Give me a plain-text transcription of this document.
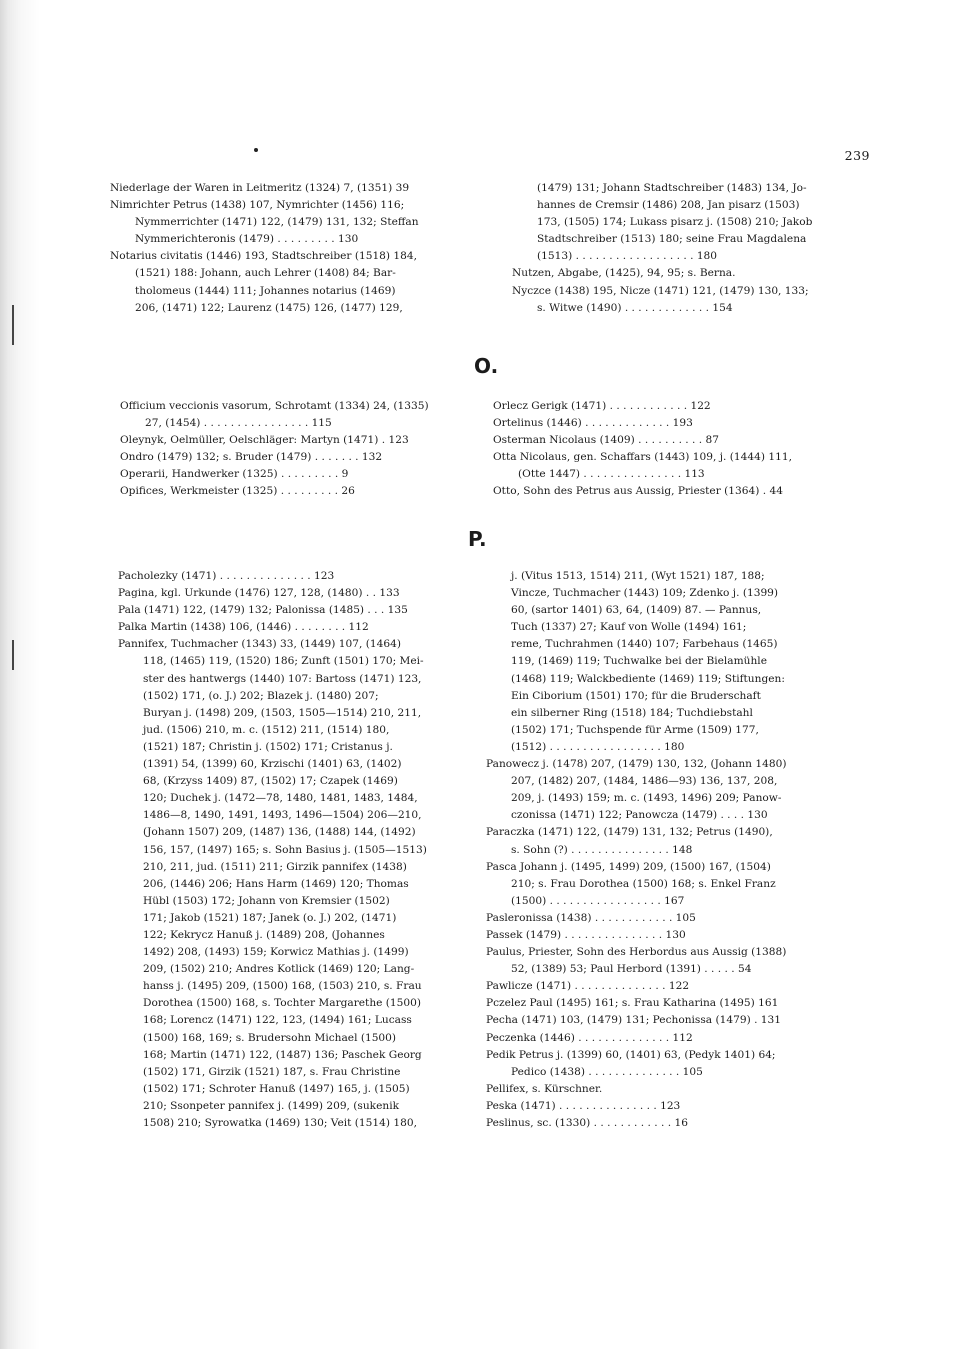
239
Niederlage der Waren in Leitmeritz (1324) 7, (1351) 39
Nimrichter Petrus (1438) 107, Nymrichter (1456) 116;
Nymmerrichter (1471) 122, (1479) 131, 132; Steffan
Nymmerichteronis (1479) . . . . . . . . . 130
Notarius civitatis (1446) 193, Stadtschreiber (1518) 184,
(1521) 188: Johann, auch Lehrer (1408) 84; Bar-
tholomeus (1444) 111; Johannes notarius (1469)
206, (1471) 122; Laurenz (1475) 126, (1477) 129,
(1479) 131; Johann Stadtschreiber (1483) 134, Jo-
hannes de Cremsir (1486) 208, Jan pisarz (1503)
173, (1505) 174; Lukass pisarz j. (1508) 210; Jakob
Stadtschreiber (1513) 180; seine Frau Magdalena
(1513) . . . . . . . . . . . . . . . . . . 180
Nutzen, Abgabe, (1425), 94, 95; s. Berna.
Nyczce (1438) 195, Nicze (1471) 121, (1479) 130, 133;
s. Witwe (1490) . . . . . . . . . . . . . 154
O.
Officium veccionis vasorum, Schrotamt (1334) 24, (1335)
27, (1454) . . . . . . . . . . . . . . . . 115
Oleynyk, Oelmüller, Oelschläger: Martyn (1471) . 123
Ondro (1479) 132; s. Bruder (1479) . . . . . . . 132
Operarii, Handwerker (1325) . . . . . . . . . 9
Opifices, Werkmeister (1325) . . . . . . . . . 26
Orlecz Gerigk (1471) . . . . . . . . . . . . 122
Ortelinus (1446) . . . . . . . . . . . . . 193
Osterman Nicolaus (1409) . . . . . . . . . . 87
Otta Nicolaus, gen. Schaffars (1443) 109, j. (1444) 111,
(Otte 1447) . . . . . . . . . . . . . . . 113
Otto, Sohn des Petrus aus Aussig, Priester (1364) . 44
P.
Pacholezky (1471) . . . . . . . . . . . . . . 123
Pagina, kgl. Urkunde (1476) 127, 128, (1480) . . 133
Pala (1471) 122, (1479) 132; Palonissa (1485) . . . 135
Palka Martin (1438) 106, (1446) . . . . . . . . 112
Pannifex, Tuchmacher (1343) 33, (1449) 107, (1464)
118, (1465) 119, (1520) 186; Zunft (1501) 170; Mei-
ster des hantwergs (1440) 107: Bartoss (1471) 123,
(1502) 171, (o. J.) 202; Blazek j. (1480) 207;
Buryan j. (1498) 209, (1503, 1505—1514) 210, 211,
jud. (1506) 210, m. c. (1512) 211, (1514) 180,
(1521) 187; Christin j. (1502) 171; Cristanus j.
(1391) 54, (1399) 60, Krzischi (1401) 63, (1402)
68, (Krzyss 1409) 87, (1502) 17; Czapek (1469)
120; Duchek j. (1472—78, 1480, 1481, 1483, 1484,
1486—8, 1490, 1491, 1493, 1496—1504) 206—210,
(Johann 1507) 209, (1487) 136, (1488) 144, (1492)
156, 157, (1497) 165; s. Sohn Basius j. (1505—1513)
210, 211, jud. (1511) 211; Girzik pannifex (1438)
206, (1446) 206; Hans Harm (1469) 120; Thomas
Hübl (1503) 172; Johann von Kremsier (1502)
171; Jakob (1521) 187; Janek (o. J.) 202, (1471)
122; Kekrycz Hanuß j. (1489) 208, (Johannes
1492) 208, (1493) 159; Korwicz Mathias j. (1499)
209, (1502) 210; Andres Kotlick (1469) 120; Lang-
hanss j. (1495) 209, (1500) 168, (1503) 210, s. Frau
Dorothea (1500) 168, s. Tochter Margarethe (1500)
168; Lorencz (1471) 122, 123, (1494) 161; Lucass
(1500) 168, 169; s. Brudersohn Michael (1500)
168; Martin (1471) 122, (1487) 136; Paschek Georg
(1502) 171, Girzik (1521) 187, s. Frau Christine
(1502) 171; Schroter Hanuß (1497) 165, j. (1505)
210; Ssonpeter pannifex j. (1499) 209, (sukenik
1508) 210; Syrowatka (1469) 130; Veit (1514) 180,
j. (Vitus 1513, 1514) 211, (Wyt 1521) 187, 188;
Vincze, Tuchmacher (1443) 109; Zdenko j. (1399)
60, (sartor 1401) 63, 64, (1409) 87. — Pannus,
Tuch (1337) 27; Kauf von Wolle (1494) 161;
reme, Tuchrahmen (1440) 107; Farbehaus (1465)
119, (1469) 119; Tuchwalke bei der Bielamühle
(1468) 119; Walckbediente (1469) 119; Stiftungen:
Ein Ciborium (1501) 170; für die Bruderschaft
ein silberner Ring (1518) 184; Tuchdiebstahl
(1502) 171; Tuchspende für Arme (1509) 177,
(1512) . . . . . . . . . . . . . . . . . 180
Panowecz j. (1478) 207, (1479) 130, 132, (Johann 1480)
207, (1482) 207, (1484, 1486—93) 136, 137, 208,
209, j. (1493) 159; m. c. (1493, 1496) 209; Panow-
czonissa (1471) 122; Panowcza (1479) . . . . 130
Paraczka (1471) 122, (1479) 131, 132; Petrus (1490),
s. Sohn (?) . . . . . . . . . . . . . . . 148
Pasca Johann j. (1495, 1499) 209, (1500) 167, (1504)
210; s. Frau Dorothea (1500) 168; s. Enkel Franz
(1500) . . . . . . . . . . . . . . . . . 167
Pasleronissa (1438) . . . . . . . . . . . . 105
Passek (1479) . . . . . . . . . . . . . . . 130
Paulus, Priester, Sohn des Herbordus aus Aussig (1388)
52, (1389) 53; Paul Herbord (1391) . . . . . 54
Pawlicze (1471) . . . . . . . . . . . . . . 122
Pczelez Paul (1495) 161; s. Frau Katharina (1495) 161
Pecha (1471) 103, (1479) 131; Pechonissa (1479) . 131
Peczenka (1446) . . . . . . . . . . . . . . 112
Pedik Petrus j. (1399) 60, (1401) 63, (Pedyk 1401) 64;
Pedico (1438) . . . . . . . . . . . . . . 105
Pellifex, s. Kürschner.
Peska (1471) . . . . . . . . . . . . . . . 123
Peslinus, sc. (1330) . . . . . . . . . . . . 16
